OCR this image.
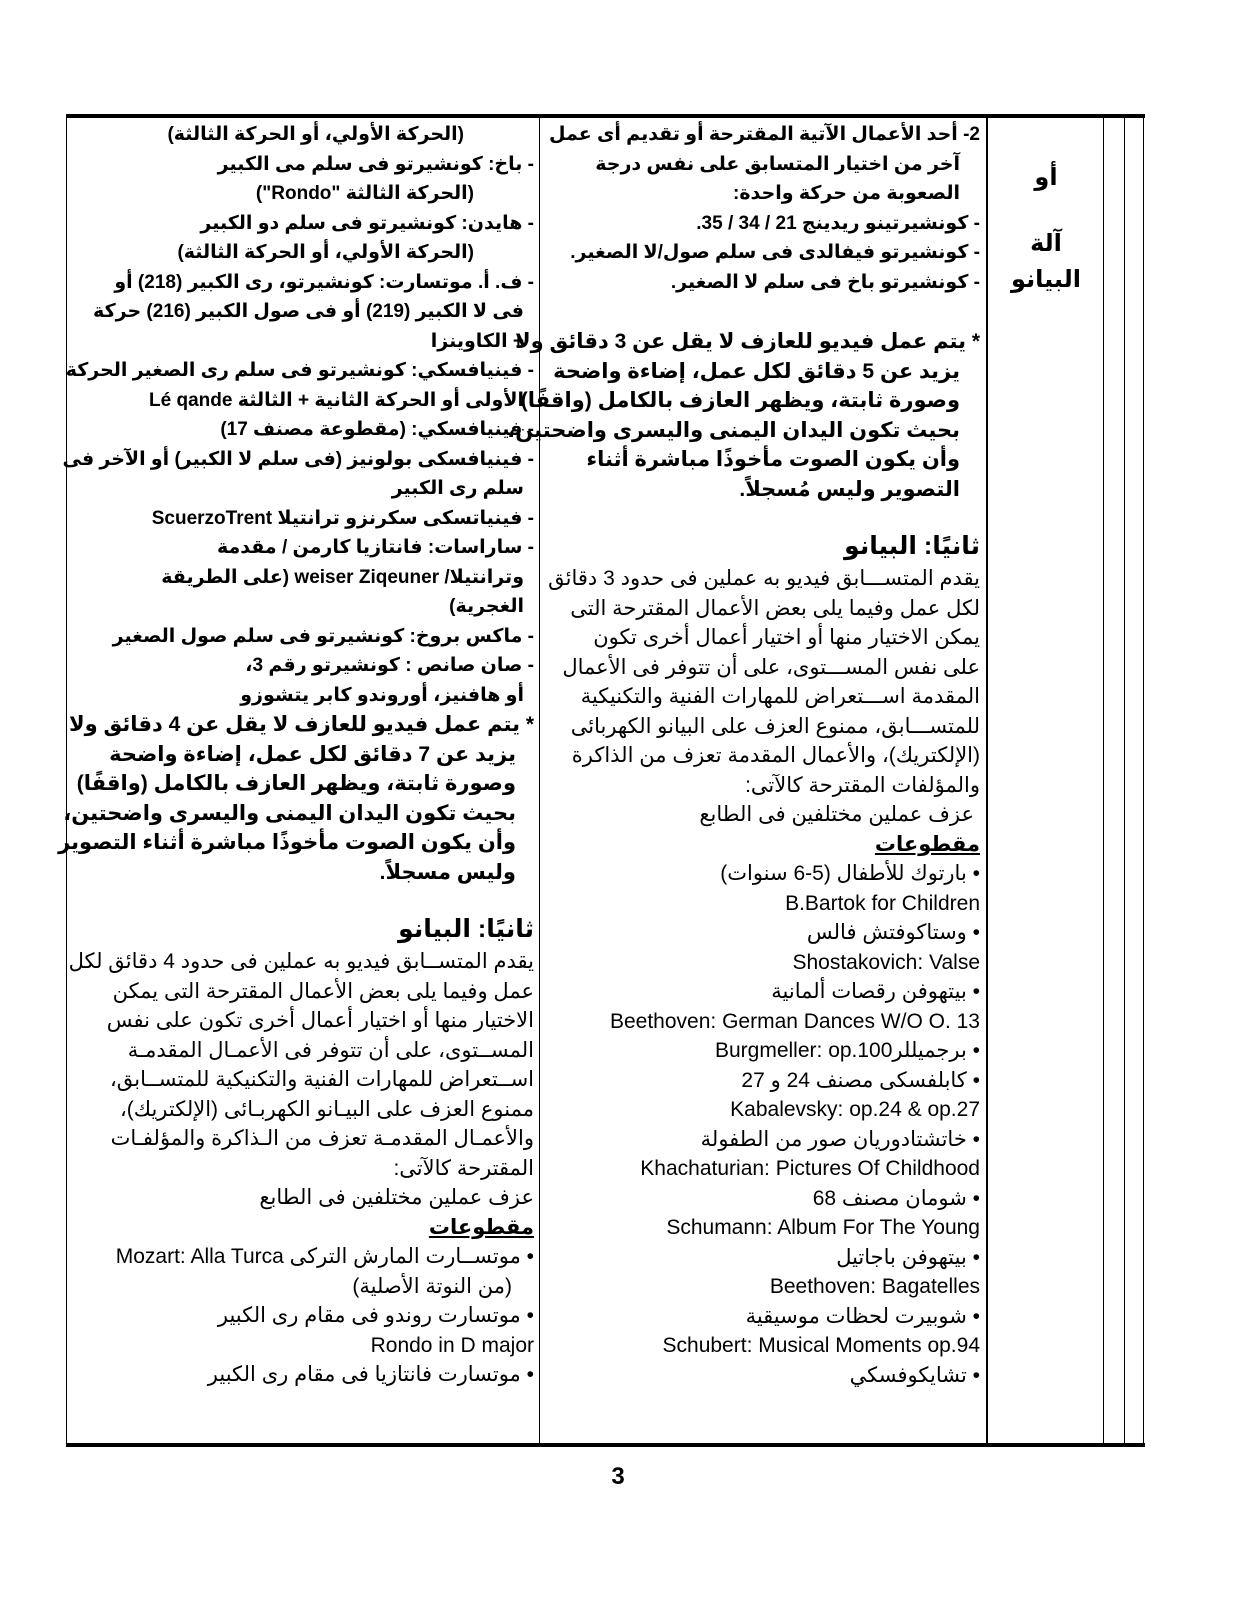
أو
آلة
البيانو
2- أحد الأعمال الآتية المقترحة أو تقديم أى عمل
آخر من اختيار المتسابق على نفس درجة
الصعوبة من حركة واحدة:
- كونشيرتينو ريدينج 21 / 34 / 35.
- كونشيرتو فيفالدى فى سلم صول/لا الصغير.
- كونشيرتو باخ فى سلم لا الصغير.
* يتم عمل فيديو للعازف لا يقل عن 3 دقائق ولا
يزيد عن 5 دقائق لكل عمل، إضاءة واضحة
وصورة ثابتة، ويظهر العازف بالكامل (واقفًا)
بحيث تكون اليدان اليمنى واليسرى واضحتين،
وأن يكون الصوت مأخوذًا مباشرة أثناء
التصوير وليس مُسجلاً.
ثانيًا: البيانو
يقدم المتســـابق فيديو به عملين فى حدود 3 دقائق
لكل عمل وفيما يلى بعض الأعمال المقترحة التى
يمكن الاختيار منها أو اختيار أعمال أخرى تكون
على نفس المســـتوى، على أن تتوفر فى الأعمال
المقدمة اســـتعراض للمهارات الفنية والتكنيكية
للمتســـابق، ممنوع العزف على البيانو الكهربائى
(الإلكتريك)، والأعمال المقدمة تعزف من الذاكرة
والمؤلفات المقترحة كالآتى:
عزف عملين مختلفين فى الطابع
مقطوعات
• بارتوك للأطفال (5-6 سنوات)
B.Bartok for Children
• وستاكوفتش فالس
Shostakovich: Valse
• بيتهوفن رقصات ألمانية
Beethoven: German Dances W/O O. 13
• برجميللرBurgmeller: op.100
• كابلفسكى مصنف 24 و 27
Kabalevsky: op.24 & op.27
• خاتشتادوريان صور من الطفولة
Khachaturian: Pictures Of Childhood
• شومان مصنف 68
Schumann: Album For The Young
• بيتهوفن باجاتيل
Beethoven: Bagatelles
• شوبيرت لحظات موسيقية
Schubert: Musical Moments op.94
• تشايكوفسكي
(الحركة الأولي، أو الحركة الثالثة)
- باخ: كونشيرتو فى سلم مى الكبير
(الحركة الثالثة "Rondo")
- هايدن: كونشيرتو فى سلم دو الكبير
(الحركة الأولي، أو الحركة الثالثة)
- ف. أ. موتسارت: كونشيرتو، رى الكبير (218) أو
فى لا الكبير (219) أو فى صول الكبير (216) حركة
+ الكاوينزا
- فينيافسكي: كونشيرتو فى سلم رى الصغير الحركة
الأولى أو الحركة الثانية + الثالثة Lé qande
- فينيافسكي: (مقطوعة مصنف 17)
- فينيافسكى بولونيز (فى سلم لا الكبير) أو الآخر فى
سلم رى الكبير
- فينياتسكى سكرنزو ترانتيلا ScuerzoTrent
- ساراسات: فانتازيا كارمن / مقدمة
وترانتيلا/ weiser Ziqeuner (على الطريقة
الغجرية)
- ماكس بروخ: كونشيرتو فى سلم صول الصغير
- صان صانص : كونشيرتو رقم 3،
أو هافنيز، أوروندو كابر يتشوزو
* يتم عمل فيديو للعازف لا يقل عن 4 دقائق ولا
يزيد عن 7 دقائق لكل عمل، إضاءة واضحة
وصورة ثابتة، ويظهر العازف بالكامل (واقفًا)
بحيث تكون اليدان اليمنى واليسرى واضحتين،
وأن يكون الصوت مأخوذًا مباشرة أثناء التصوير
وليس مسجلاً.
ثانيًا: البيانو
يقدم المتســابق فيديو به عملين فى حدود 4 دقائق لكل
عمل وفيما يلى بعض الأعمال المقترحة التى يمكن
الاختيار منها أو اختيار أعمال أخرى تكون على نفس
المســتوى، على أن تتوفر فى الأعمـال المقدمـة
اســتعراض للمهارات الفنية والتكنيكية للمتســابق،
ممنوع العزف على البيـانو الكهربـائى (الإلكتريك)،
والأعمـال المقدمـة تعزف من الـذاكرة والمؤلفـات
المقترحة كالآتى:
عزف عملين مختلفين فى الطابع
مقطوعات
• موتســارت المارش التركى Mozart: Alla Turca
(من النوتة الأصلية)
• موتسارت روندو فى مقام رى الكبير
Rondo in D major
• موتسارت فانتازيا فى مقام رى الكبير
3
